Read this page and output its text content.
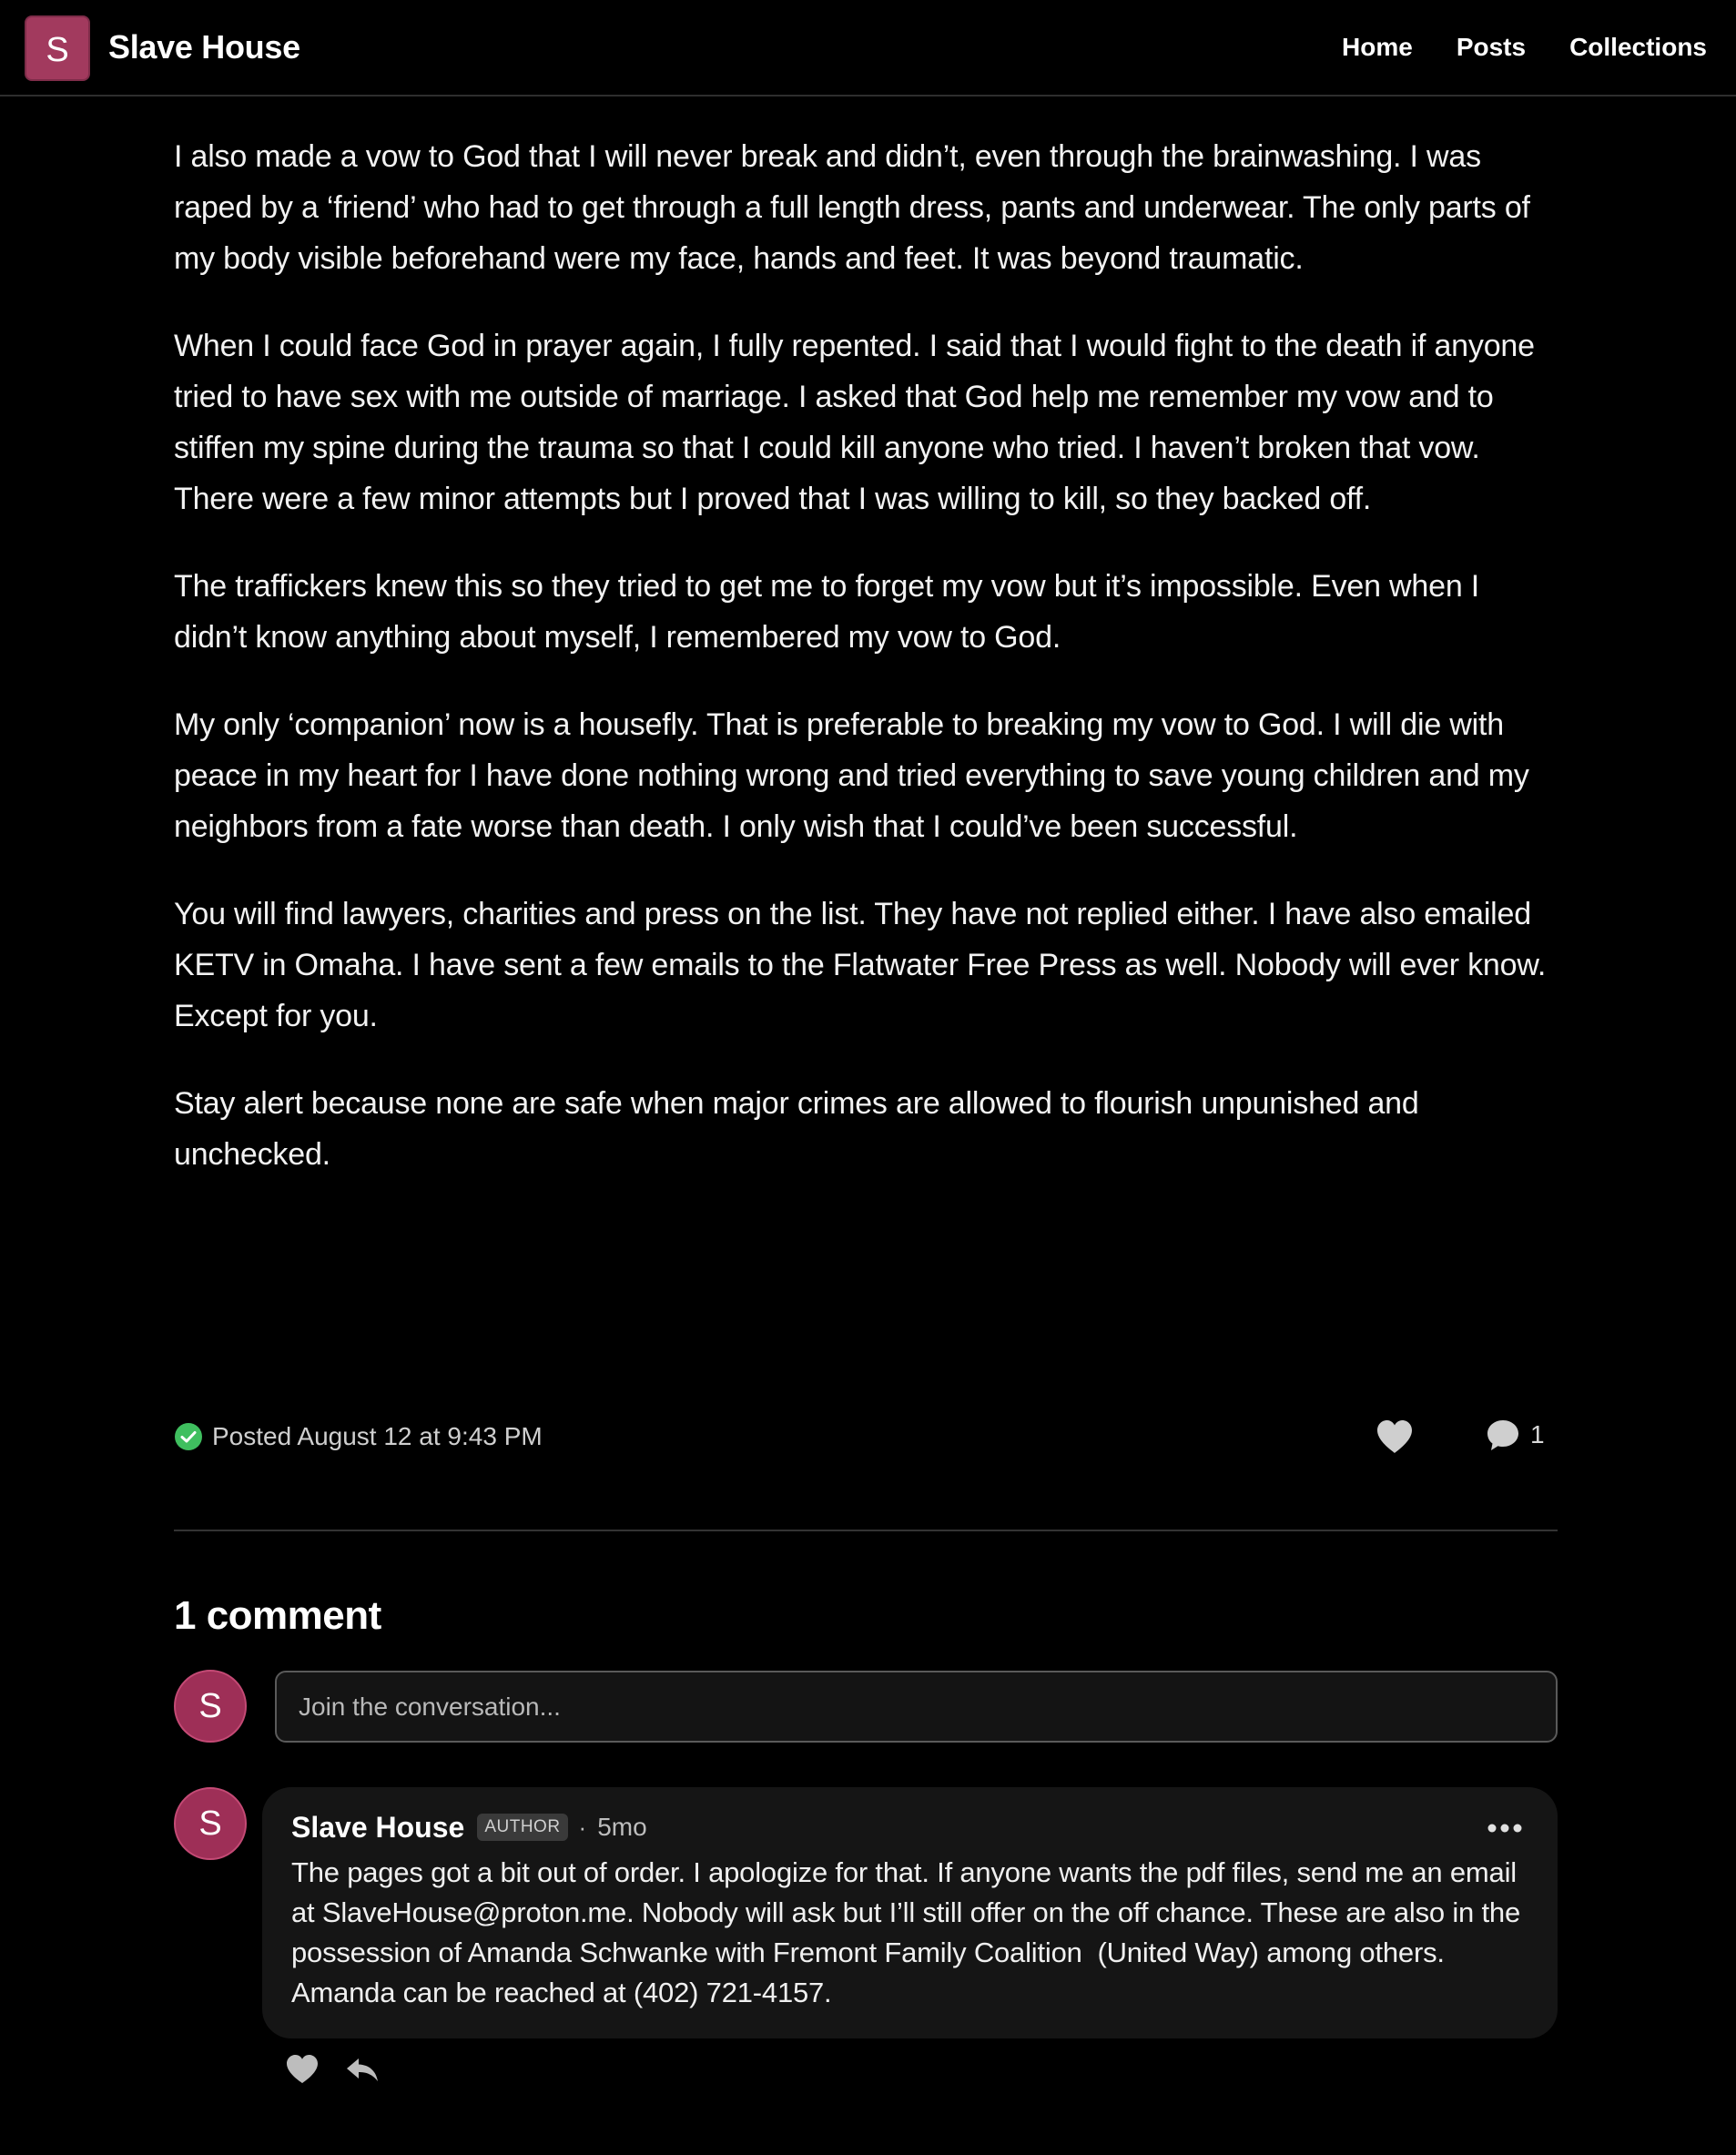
S	Slave House	Home Posts Collections

I also made a vow to God that I will never break and didn’t, even through the brainwashing. I was raped by a ‘friend’ who had to get through a full length dress, pants and underwear. The only parts of my body visible beforehand were my face, hands and feet. It was beyond traumatic.

When I could face God in prayer again, I fully repented. I said that I would fight to the death if anyone tried to have sex with me outside of marriage. I asked that God help me remember my vow and to stiffen my spine during the trauma so that I could kill anyone who tried. I haven’t broken that vow. There were a few minor attempts but I proved that I was willing to kill, so they backed off.

The traffickers knew this so they tried to get me to forget my vow but it’s impossible. Even when I didn’t know anything about myself, I remembered my vow to God.

My only ‘companion’ now is a housefly. That is preferable to breaking my vow to God. I will die with peace in my heart for I have done nothing wrong and tried everything to save young children and my neighbors from a fate worse than death. I only wish that I could’ve been successful.

You will find lawyers, charities and press on the list. They have not replied either. I have also emailed KETV in Omaha. I have sent a few emails to the Flatwater Free Press as well. Nobody will ever know. Except for you.

Stay alert because none are safe when major crimes are allowed to flourish unpunished and unchecked.

Posted August 12 at 9:43 PM	1
1 comment
S
Join the conversation...
S	Slave House	AUTHOR · 5mo
The pages got a bit out of order. I apologize for that. If anyone wants the pdf files, send me an email at SlaveHouse@proton.me. Nobody will ask but I’ll still offer on the off chance. These are also in the possession of Amanda Schwanke with Fremont Family Coalition  (United Way) among others.  Amanda can be reached at (402) 721-4157.
